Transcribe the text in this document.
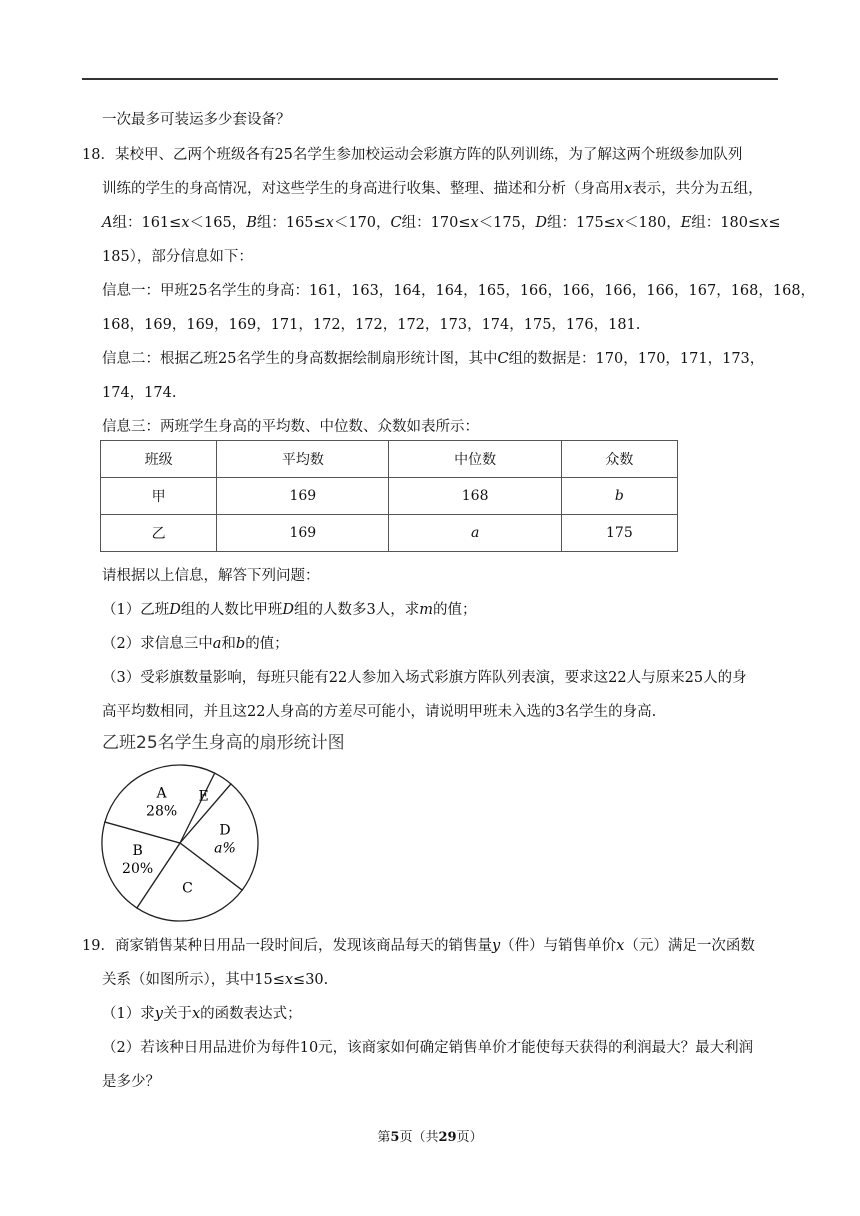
一次最多可装运多少套设备？
18．某校甲、乙两个班级各有25名学生参加校运动会彩旗方阵的队列训练，为了解这两个班级参加队列
训练的学生的身高情况，对这些学生的身高进行收集、整理、描述和分析（身高用x表示，共分为五组，
A组：161≤x＜165，B组：165≤x＜170，C组：170≤x＜175，D组：175≤x＜180，E组：180≤x≤
185），部分信息如下：
信息一：甲班25名学生的身高：161，163，164，164，165，166，166，166，166，167，168，168，
168，169，169，169，171，172，172，172，173，174，175，176，181.
信息二：根据乙班25名学生的身高数据绘制扇形统计图，其中C组的数据是：170，170，171，173，
174，174.
信息三：两班学生身高的平均数、中位数、众数如表所示：
班级	平均数	中位数	众数
甲	169	168	b
乙	169	a	175
请根据以上信息，解答下列问题：
（1）乙班D组的人数比甲班D组的人数多3人，求m的值；
（2）求信息三中a和b的值；
（3）受彩旗数量影响，每班只能有22人参加入场式彩旗方阵队列表演，要求这22人与原来25人的身
高平均数相同，并且这22人身高的方差尽可能小，请说明甲班未入选的3名学生的身高.
乙班25名学生身高的扇形统计图
E
D
a%
C
B
20%
A
28%
19．商家销售某种日用品一段时间后，发现该商品每天的销售量y（件）与销售单价x（元）满足一次函数
关系（如图所示），其中15≤x≤30.
（1）求y关于x的函数表达式；
（2）若该种日用品进价为每件10元，该商家如何确定销售单价才能使每天获得的利润最大？最大利润
是多少？
第5页（共29页）
